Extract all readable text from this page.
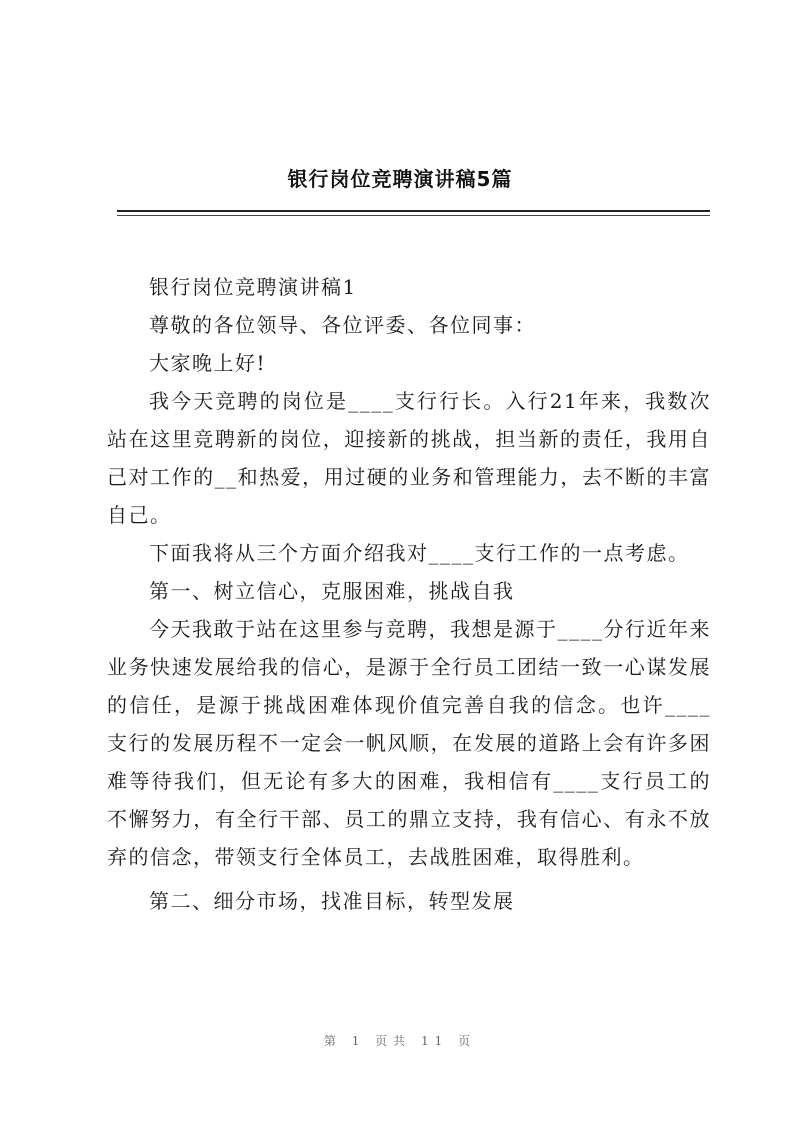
银行岗位竞聘演讲稿5篇

银行岗位竞聘演讲稿1

尊敬的各位领导、各位评委、各位同事：

大家晚上好!

我今天竞聘的岗位是____支行行长。入行21年来，我数次站在这里竞聘新的岗位，迎接新的挑战，担当新的责任，我用自己对工作的__和热爱，用过硬的业务和管理能力，去不断的丰富自己。

下面我将从三个方面介绍我对____支行工作的一点考虑。

第一、树立信心，克服困难，挑战自我

今天我敢于站在这里参与竞聘，我想是源于____分行近年来业务快速发展给我的信心，是源于全行员工团结一致一心谋发展的信任，是源于挑战困难体现价值完善自我的信念。也许____支行的发展历程不一定会一帆风顺，在发展的道路上会有许多困难等待我们，但无论有多大的困难，我相信有____支行员工的不懈努力，有全行干部、员工的鼎立支持，我有信心、有永不放弃的信念，带领支行全体员工，去战胜困难，取得胜利。

第二、细分市场，找准目标，转型发展

第 1 页共 11 页
